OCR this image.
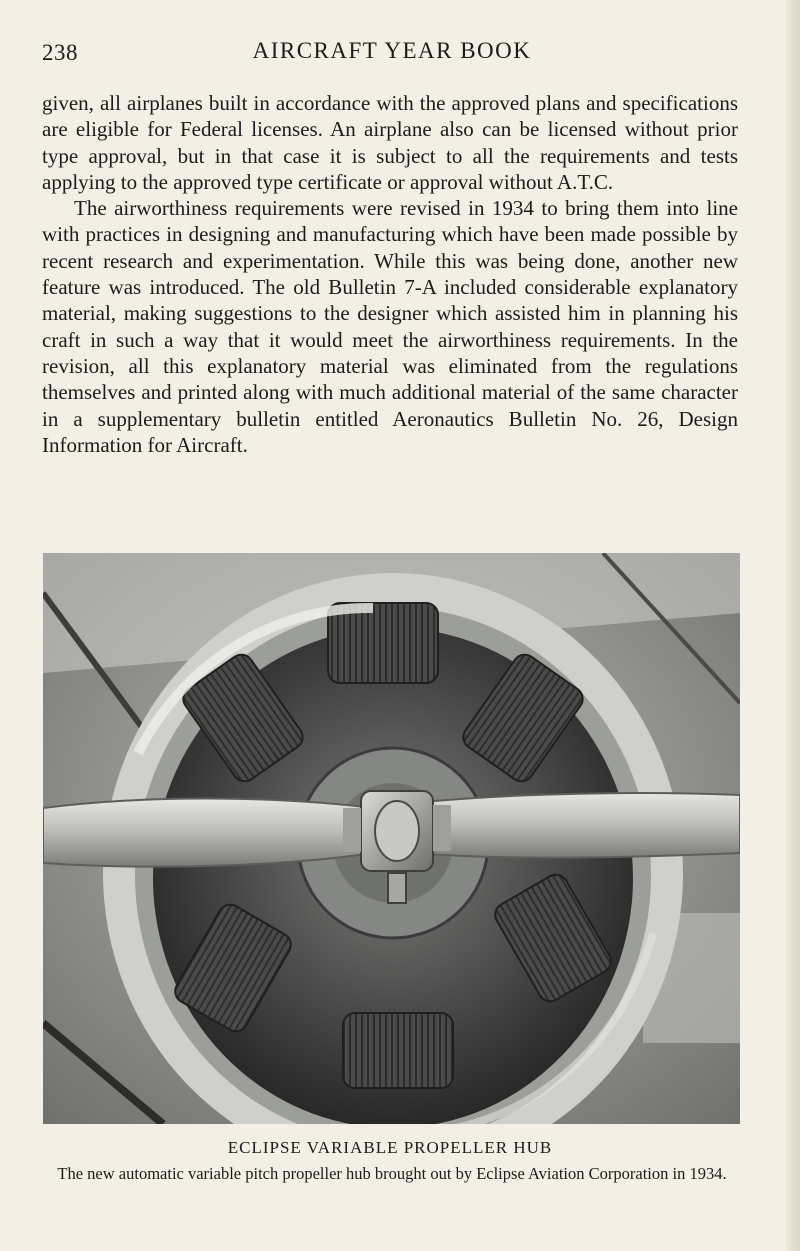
238	AIRCRAFT YEAR BOOK

given, all airplanes built in accordance with the approved plans and specifications are eligible for Federal licenses. An airplane also can be licensed without prior type approval, but in that case it is subject to all the requirements and tests applying to the approved type certificate or approval without A.T.C.

The airworthiness requirements were revised in 1934 to bring them into line with practices in designing and manufacturing which have been made possible by recent research and experimentation. While this was being done, another new feature was introduced. The old Bulletin 7-A included considerable explanatory material, making suggestions to the designer which assisted him in planning his craft in such a way that it would meet the airworthiness requirements. In the revision, all this explanatory material was eliminated from the regulations themselves and printed along with much additional material of the same character in a supplementary bulletin entitled Aeronautics Bulletin No. 26, Design Information for Aircraft.

ECLIPSE VARIABLE PROPELLER HUB
The new automatic variable pitch propeller hub brought out by Eclipse Aviation Corporation in 1934.
